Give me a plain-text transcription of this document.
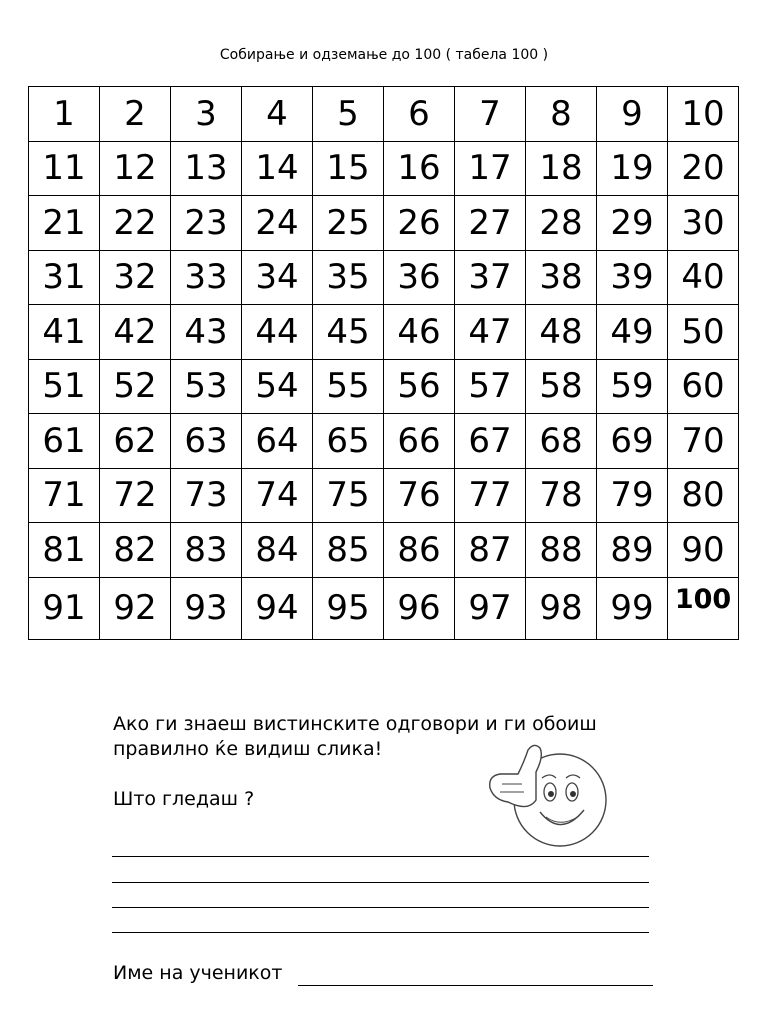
Собирање и одземање до 100 ( табела 100 )
1	2	3	4	5	6	7	8	9	10
11	12	13	14	15	16	17	18	19	20
21	22	23	24	25	26	27	28	29	30
31	32	33	34	35	36	37	38	39	40
41	42	43	44	45	46	47	48	49	50
51	52	53	54	55	56	57	58	59	60
61	62	63	64	65	66	67	68	69	70
71	72	73	74	75	76	77	78	79	80
81	82	83	84	85	86	87	88	89	90
91	92	93	94	95	96	97	98	99	100
Ако ги знаеш вистинските одговори и ги обоиш
правилно ќе видиш слика!
Што гледаш ?
Име на ученикот
